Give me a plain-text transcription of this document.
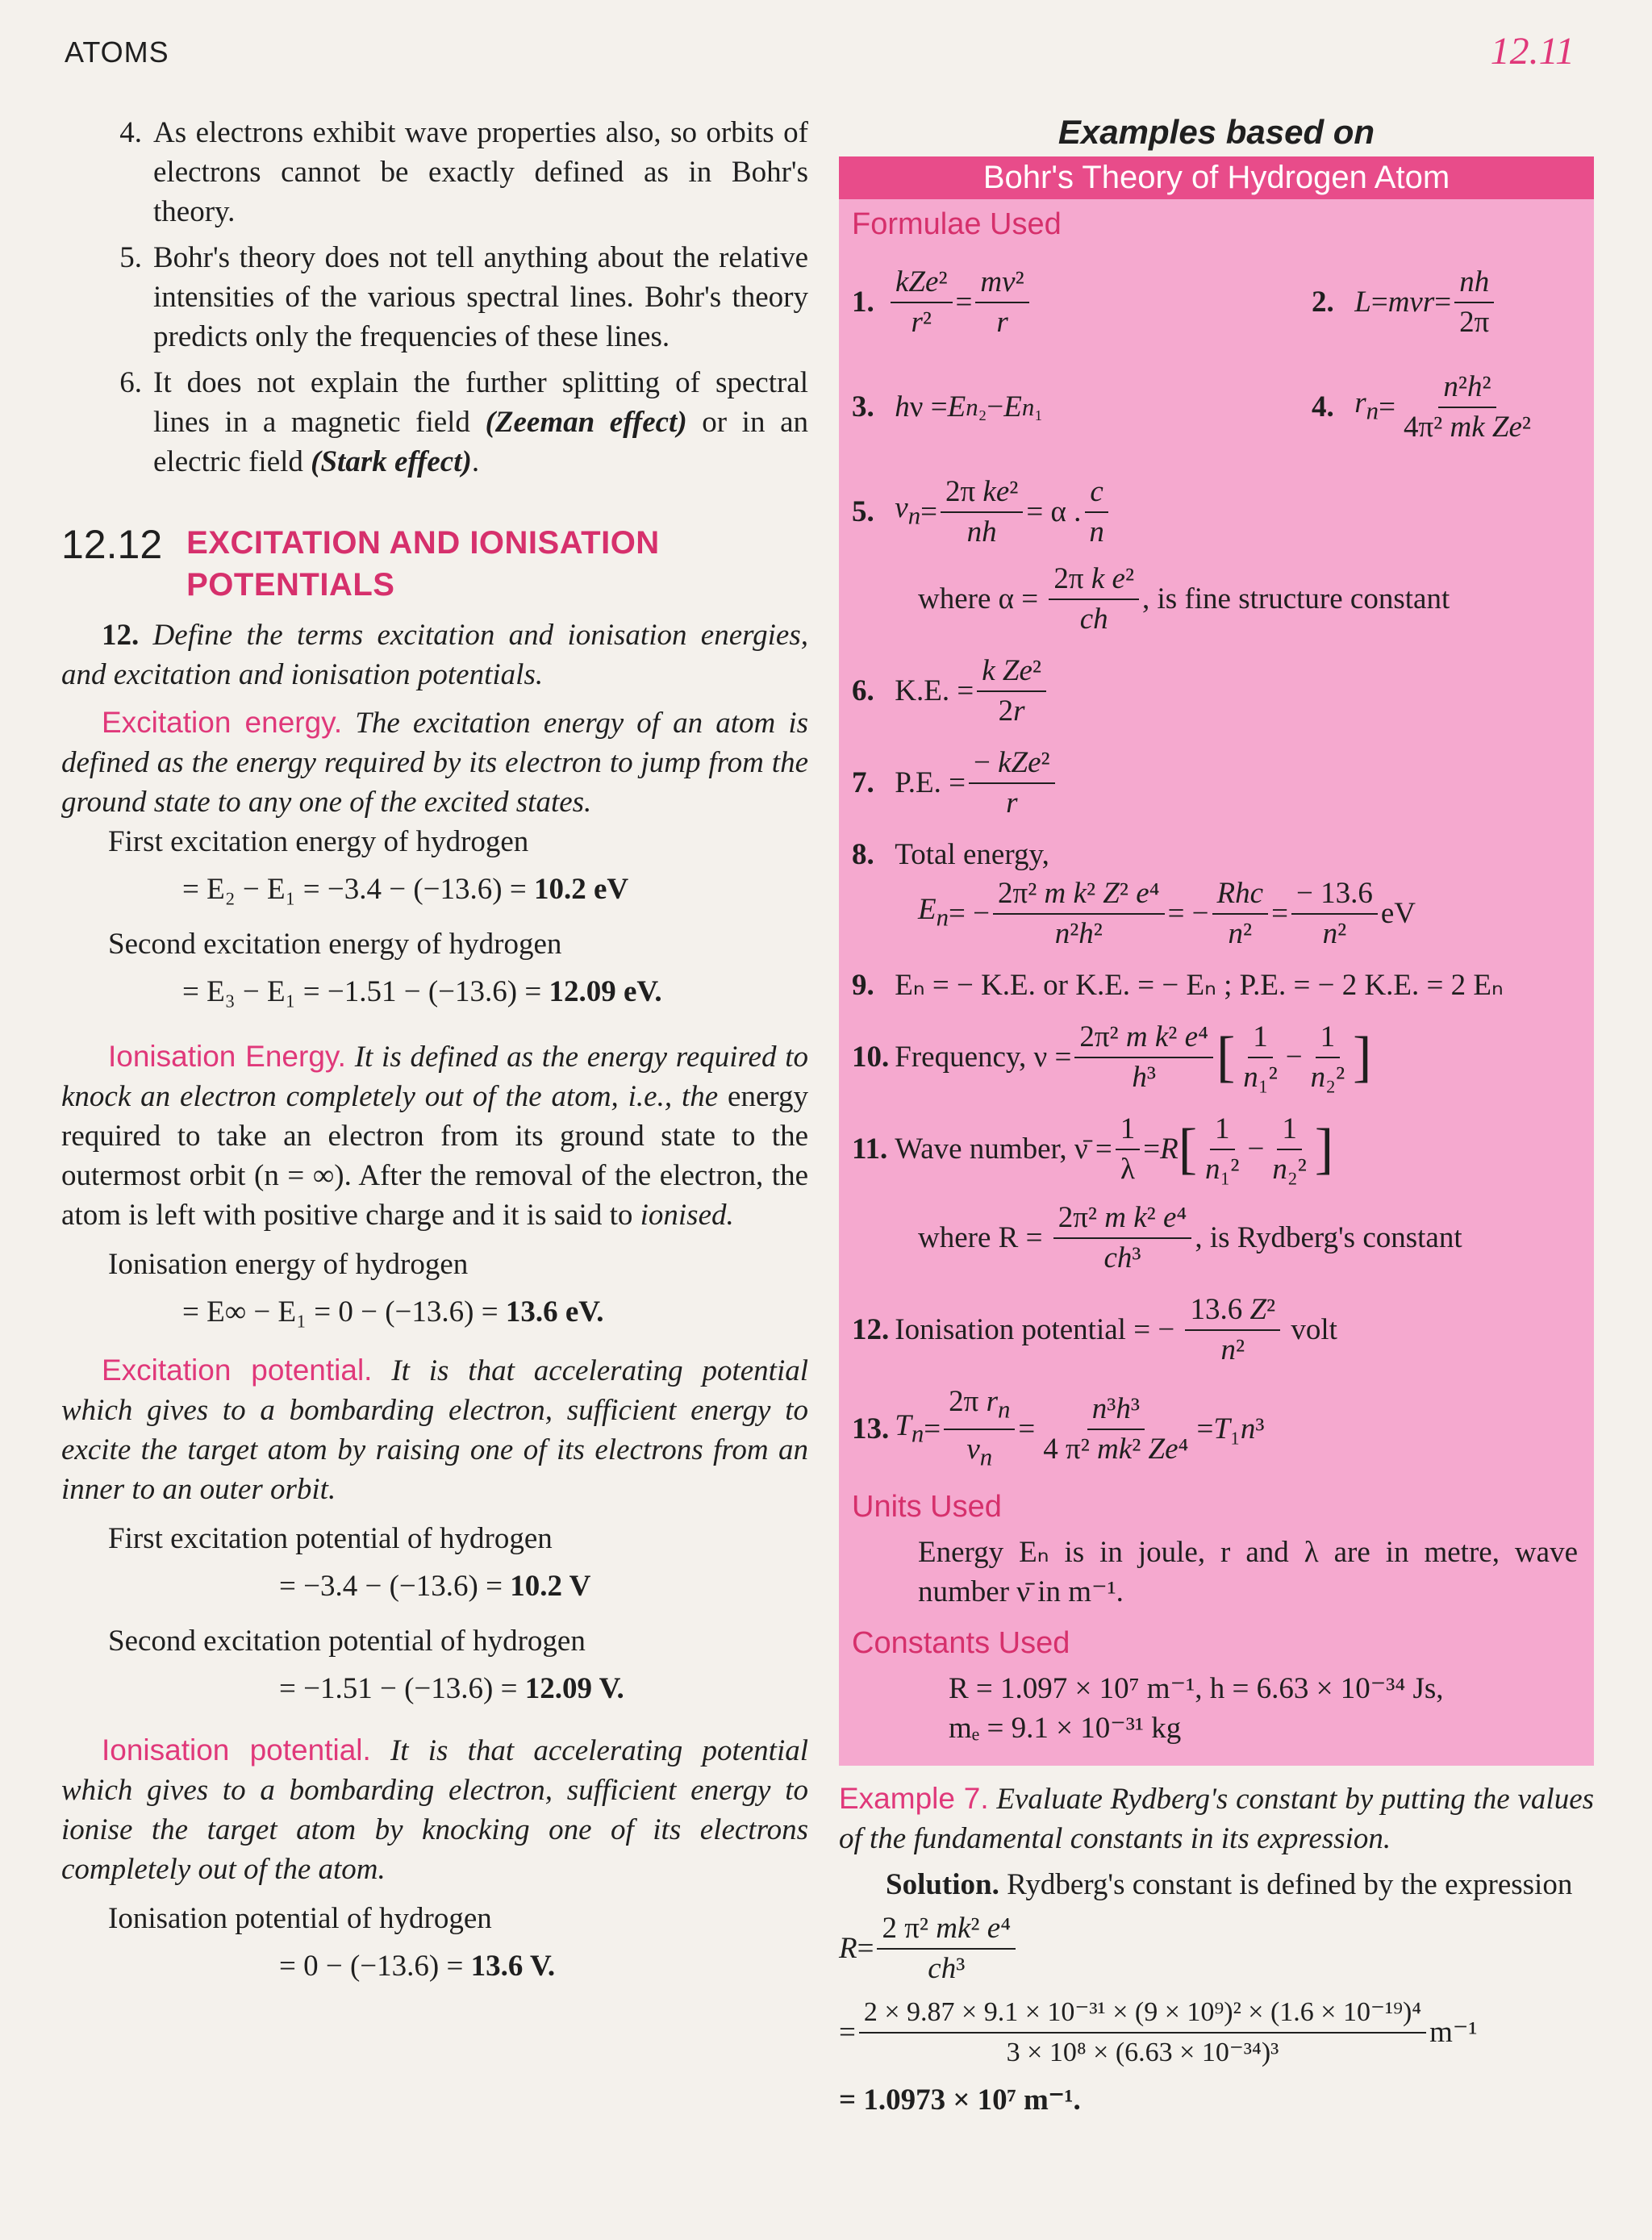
ATOMS	12.11
4. As electrons exhibit wave properties also, so orbits of electrons cannot be exactly defined as in Bohr's theory.
5. Bohr's theory does not tell anything about the relative intensities of the various spectral lines. Bohr's theory predicts only the frequencies of these lines.
6. It does not explain the further splitting of spectral lines in a magnetic field (Zeeman effect) or in an electric field (Stark effect).
12.12 EXCITATION AND IONISATION
POTENTIALS

12. Define the terms excitation and ionisation energies, and excitation and ionisation potentials.

Excitation energy. The excitation energy of an atom is defined as the energy required by its electron to jump from the ground state to any one of the excited states.

First excitation energy of hydrogen

= E₂ − E₁ = −3.4 − (−13.6) = 10.2 eV

Second excitation energy of hydrogen

= E₃ − E₁ = −1.51 − (−13.6) = 12.09 eV.

Ionisation Energy. It is defined as the energy required to knock an electron completely out of the atom, i.e., the energy required to take an electron from its ground state to the outermost orbit (n = ∞). After the removal of the electron, the atom is left with positive charge and it is said to ionised.

Ionisation energy of hydrogen

= E∞ − E₁ = 0 − (−13.6) = 13.6 eV.

Excitation potential. It is that accelerating potential which gives to a bombarding electron, sufficient energy to excite the target atom by raising one of its electrons from an inner to an outer orbit.

First excitation potential of hydrogen

= −3.4 − (−13.6) = 10.2 V

Second excitation potential of hydrogen

= −1.51 − (−13.6) = 12.09 V.

Ionisation potential. It is that accelerating potential which gives to a bombarding electron, sufficient energy to ionise the target atom by knocking one of its electrons completely out of the atom.

Ionisation potential of hydrogen

= 0 − (−13.6) = 13.6 V.

Examples based on
Bohr's Theory of Hydrogen Atom
Formulae Used
1.
kZe²
r²
=
mv²
r
2.
L = mvr =
nh
2π
3.
h ν = E n₂ − E n₁	4.
$r_n$ =
n²h²
4π² mk Ze²
5.
$v_n$ =
2π ke²
nh
= α .
c
n
where α =
$\frac{\text{2π k e²}}{ch}$ , is fine structure constant
6. K.E. =
k Ze²
2r
7. P.E. =
− kZe²
r
8.
Total energy,
$E_n$ = −
2π² m k² Z² e⁴
n²h²
= −
Rhc
n²
=
− 13.6
n²
eV
9.
Eₙ = − K.E. or K.E. = − Eₙ ; P.E. = − 2 K.E. = 2 Eₙ
10.
Frequency, $\nu = \frac{\text{2π² m k² e⁴}}{\text{h³}}$ [ 1
n₁²
−
1
n₂² ]
11.
Wave number, ν̄ = $\frac{1}{\lambda} = R$ [ 1
n₁²
−
1
n₂² ]
where R =
$\frac{\text{2π² m k² e⁴}}{\text{ch³}}$ , is Rydberg's constant
12.
Ionisation potential = −
$\frac{\text{13.6 Z²}}{\text{n²}}$
volt
13.
$T_n$ =
2π $r_n$
$v_n$
=
n³h³
4 π² mk² Ze⁴
= T ₁ n ³
Units Used

Energy Eₙ is in joule, r and λ are in metre, wave number ν̄ in m⁻¹.

Constants Used

R = 1.097 × 10⁷ m⁻¹, h = 6.63 × 10⁻³⁴ Js,

mₑ = 9.1 × 10⁻³¹ kg

Example 7. Evaluate Rydberg's constant by putting the values of the fundamental constants in its expression.

Solution. Rydberg's constant is defined by the expression

R =
2 π² mk² e⁴
ch³
=
2 × 9.87 × 9.1 × 10⁻³¹ × (9 × 10⁹)² × (1.6 × 10⁻¹⁹)⁴
3 × 10⁸ × (6.63 × 10⁻³⁴)³
m⁻¹

= 1.0973 × 10⁷ m⁻¹.
